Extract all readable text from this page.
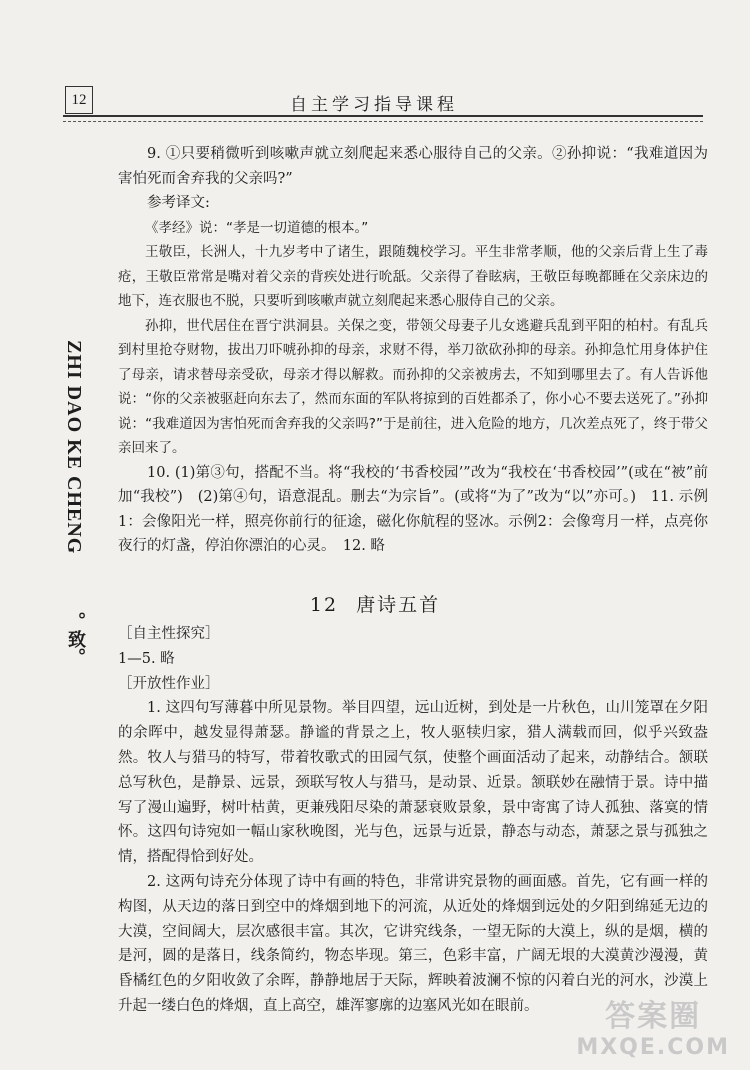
12	自主学习指导课程
ZHI DAO KE CHENG
。致。

9. ①只要稍微听到咳嗽声就立刻爬起来悉心服待自己的父亲。②孙抑说：“我难道因为害怕死而舍弃我的父亲吗?”

参考译文:

《孝经》说：“孝是一切道德的根本。”

王敬臣，长洲人，十九岁考中了诸生，跟随魏校学习。平生非常孝顺，他的父亲后背上生了毒疮，王敬臣常常是嘴对着父亲的背疾处进行吮舐。父亲得了眷眩病，王敬臣每晚都睡在父亲床边的地下，连衣服也不脱，只要听到咳嗽声就立刻爬起来悉心服侍自己的父亲。

孙抑，世代居住在晋宁洪洞县。关保之变，带领父母妻子儿女逃避兵乱到平阳的柏村。有乱兵到村里抢夺财物，拔出刀吓唬孙抑的母亲，求财不得，举刀欲砍孙抑的母亲。孙抑急忙用身体护住了母亲，请求替母亲受砍，母亲才得以解救。而孙抑的父亲被虏去，不知到哪里去了。有人告诉他说：“你的父亲被驱赶向东去了，然而东面的军队将掠到的百姓都杀了，你小心不要去送死了。”孙抑说：“我难道因为害怕死而舍弃我的父亲吗?”于是前往，进入危险的地方，几次差点死了，终于带父亲回来了。

10. (1)第③句，搭配不当。将“我校的‘书香校园’”改为“我校在‘书香校园’”(或在“被”前加“我校”)　(2)第④句，语意混乱。删去“为宗旨”。(或将“为了”改为“以”亦可。)　11. 示例1：会像阳光一样，照亮你前行的征途，磁化你航程的竖冰。示例2：会像弯月一样，点亮你夜行的灯盏，停泊你漂泊的心灵。　12. 略

12 唐诗五首

［自主性探究］

1—5. 略

［开放性作业］

1. 这四句写薄暮中所见景物。举目四望，远山近树，到处是一片秋色，山川笼罩在夕阳的余晖中，越发显得萧瑟。静谧的背景之上，牧人驱犊归家，猎人满载而回，似乎兴致盎然。牧人与猎马的特写，带着牧歌式的田园气氛，使整个画面活动了起来，动静结合。颔联总写秋色，是静景、远景，颈联写牧人与猎马，是动景、近景。颔联妙在融情于景。诗中描写了漫山遍野，树叶枯黄，更兼残阳尽染的萧瑟衰败景象，景中寄寓了诗人孤独、落寞的情怀。这四句诗宛如一幅山家秋晚图，光与色，远景与近景，静态与动态，萧瑟之景与孤独之情，搭配得恰到好处。

2. 这两句诗充分体现了诗中有画的特色，非常讲究景物的画面感。首先，它有画一样的构图，从天边的落日到空中的烽烟到地下的河流，从近处的烽烟到远处的夕阳到绵延无边的大漠，空间阔大，层次感很丰富。其次，它讲究线条，一望无际的大漠上，纵的是烟，横的是河，圆的是落日，线条简约，物态毕现。第三，色彩丰富，广阔无垠的大漠黄沙漫漫，黄昏橘红色的夕阳收敛了余晖，静静地居于天际，辉映着波澜不惊的闪着白光的河水，沙漠上升起一缕白色的烽烟，直上高空，雄浑寥廓的边塞风光如在眼前。	答案圈
MXQE.COM
